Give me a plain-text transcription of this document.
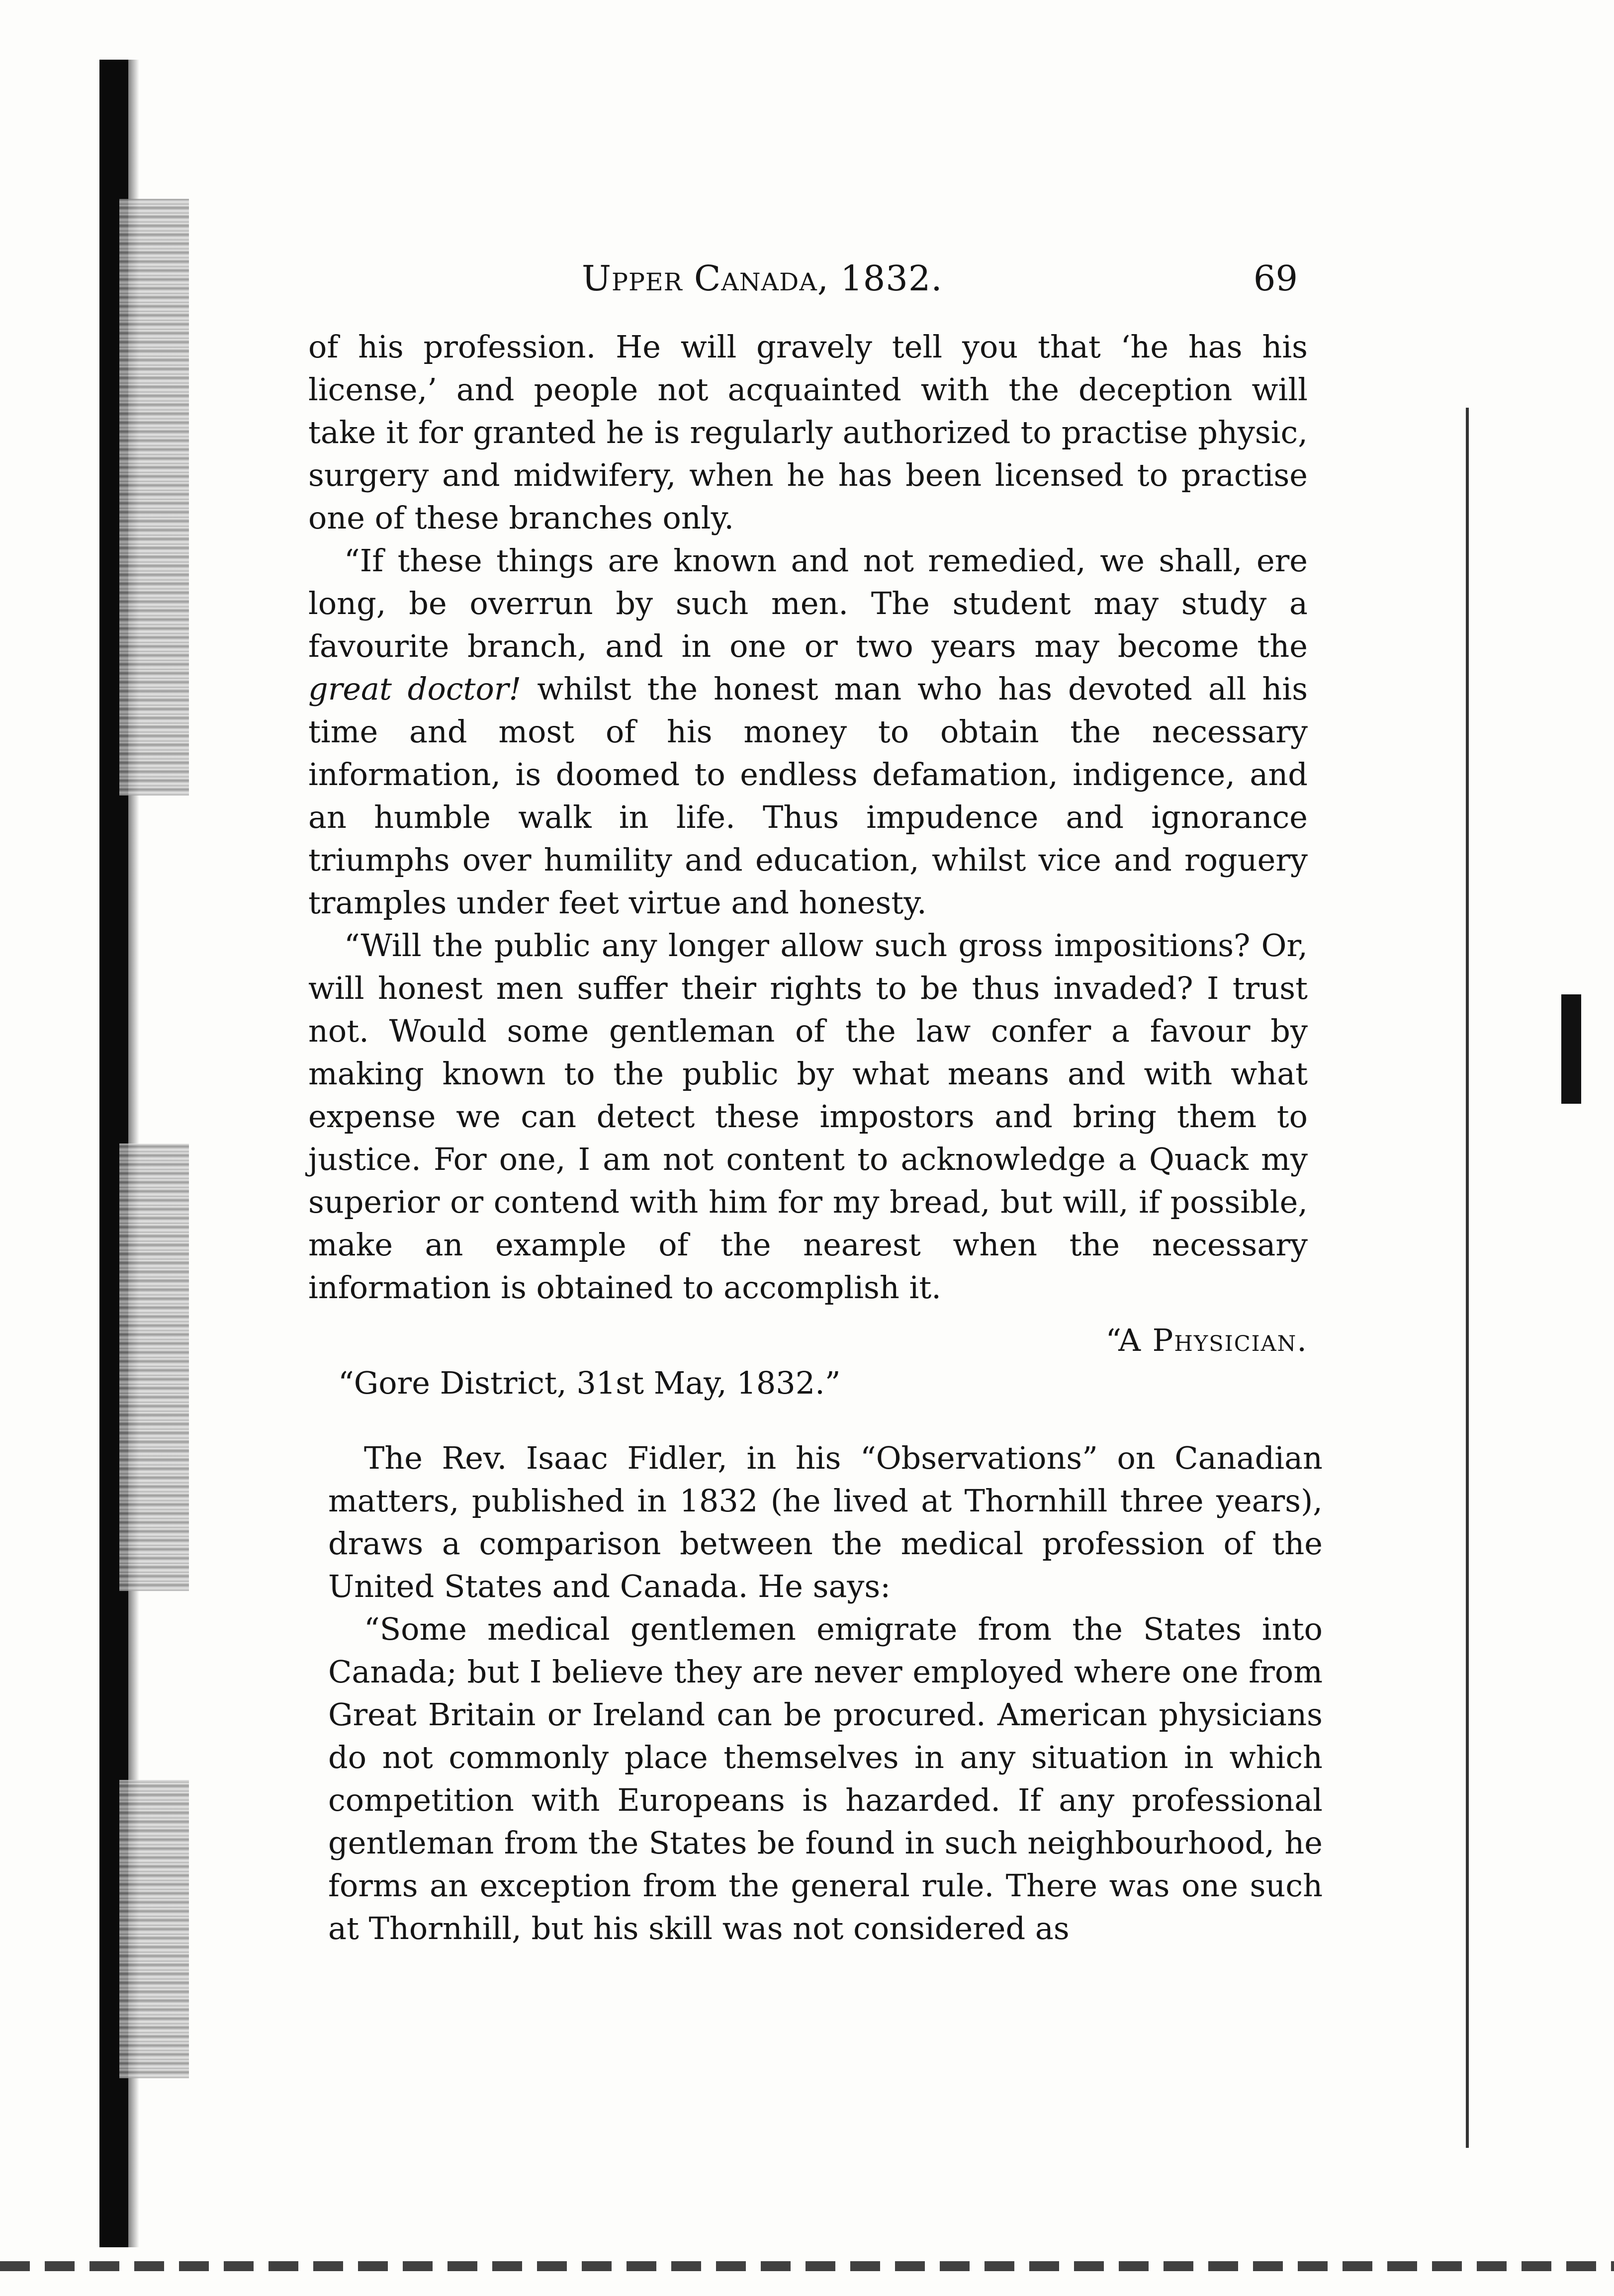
Upper Canada, 1832.	69

of his profession. He will gravely tell you that ‘he has his license,’ and people not acquainted with the deception will take it for granted he is regularly authorized to practise physic, surgery and midwifery, when he has been licensed to practise one of these branches only.

“If these things are known and not remedied, we shall, ere long, be overrun by such men. The student may study a favourite branch, and in one or two years may become the great doctor! whilst the honest man who has devoted all his time and most of his money to obtain the necessary information, is doomed to endless defamation, indigence, and an humble walk in life. Thus impudence and ignorance triumphs over humility and education, whilst vice and roguery tramples under feet virtue and honesty.

“Will the public any longer allow such gross impositions? Or, will honest men suffer their rights to be thus invaded? I trust not. Would some gentleman of the law confer a favour by making known to the public by what means and with what expense we can detect these impostors and bring them to justice. For one, I am not content to acknowledge a Quack my superior or contend with him for my bread, but will, if possible, make an example of the nearest when the necessary information is obtained to accomplish it.

“A Physician.

“Gore District, 31st May, 1832.”

The Rev. Isaac Fidler, in his “Observations” on Canadian matters, published in 1832 (he lived at Thornhill three years), draws a comparison between the medical profession of the United States and Canada. He says:

“Some medical gentlemen emigrate from the States into Canada; but I believe they are never employed where one from Great Britain or Ireland can be procured. American physicians do not commonly place themselves in any situation in which competition with Europeans is hazarded. If any professional gentleman from the States be found in such neighbourhood, he forms an exception from the general rule. There was one such at Thornhill, but his skill was not considered as
